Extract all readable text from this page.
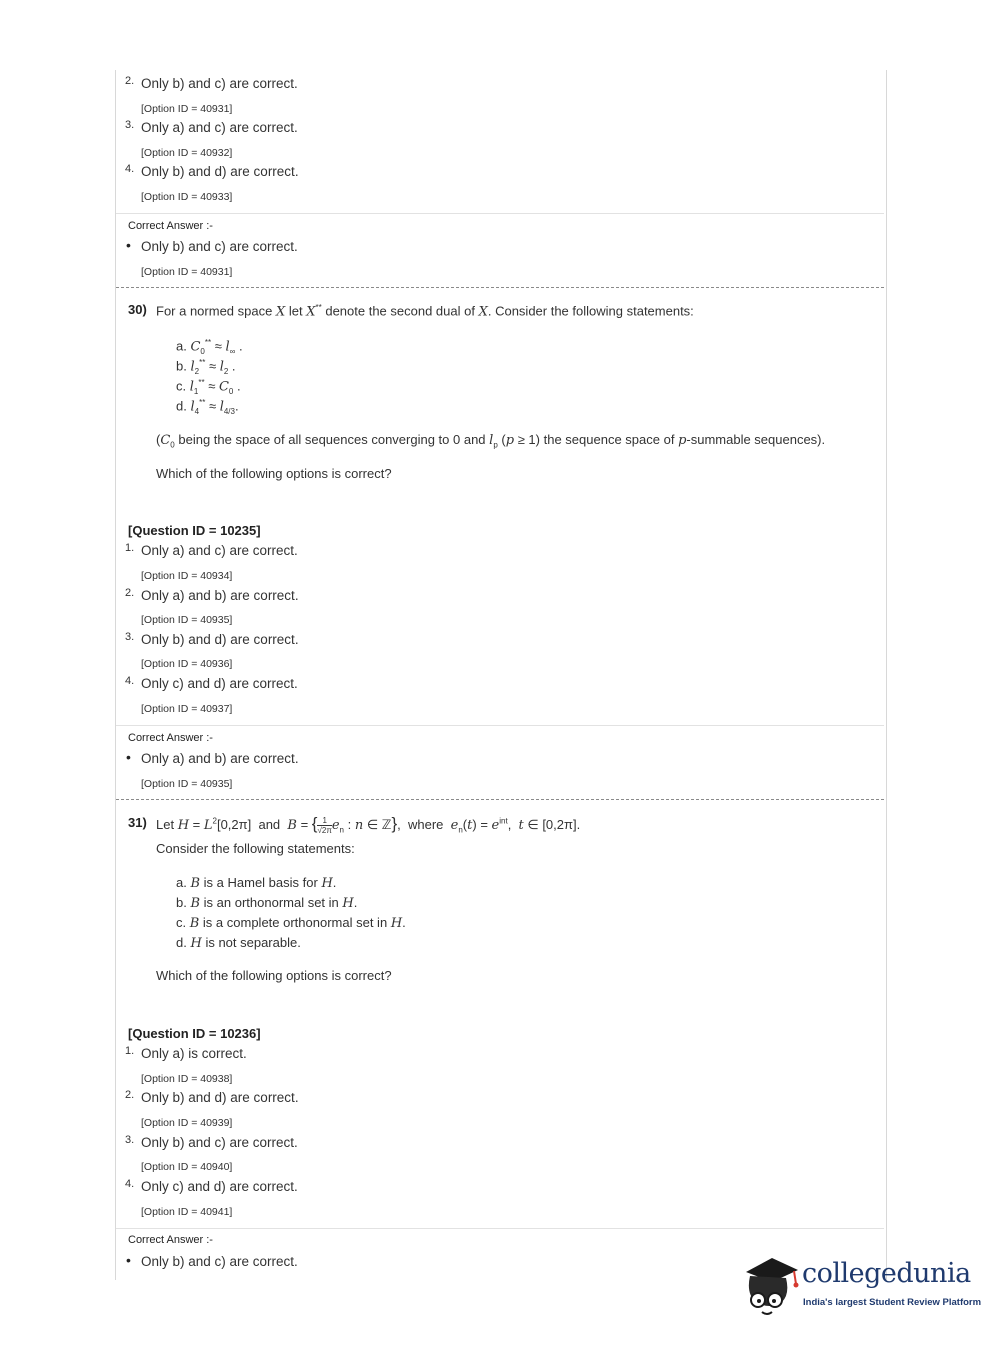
2. Only b) and c) are correct.
[Option ID = 40931]
3. Only a) and c) are correct.
[Option ID = 40932]
4. Only b) and d) are correct.
[Option ID = 40933]
Correct Answer :-
• Only b) and c) are correct.
[Option ID = 40931]
30) For a normed space X let X** denote the second dual of X. Consider the following statements:
a. $C_0^{**} \approx l_\infty$ .
b. $l_2^{**} \approx l_2$ .
c. $l_1^{**} \approx C_0$ .
d. $l_4^{**} \approx l_{4/3}$.
($C_0$ being the space of all sequences converging to 0 and $l_p$ (p ≥ 1) the sequence space of p-summable sequences).
Which of the following options is correct?
[Question ID = 10235]
1. Only a) and c) are correct.
[Option ID = 40934]
2. Only a) and b) are correct.
[Option ID = 40935]
3. Only b) and d) are correct.
[Option ID = 40936]
4. Only c) and d) are correct.
[Option ID = 40937]
Correct Answer :-
• Only a) and b) are correct.
[Option ID = 40935]
31) Let $H = L^2[0,2\pi]$  and B = { $\frac{1}{√2\pi} e_n$ : n ∈ ℤ},  where $e_n(t) = e^{int}$,  t ∈ [0,2π].
Consider the following statements:
a. B is a Hamel basis for H.
b. B is an orthonormal set in H.
c. B is a complete orthonormal set in H.
d. H is not separable.
Which of the following options is correct?
[Question ID = 10236]
1. Only a) is correct.
[Option ID = 40938]
2. Only b) and d) are correct.
[Option ID = 40939]
3. Only b) and c) are correct.
[Option ID = 40940]
4. Only c) and d) are correct.
[Option ID = 40941]
Correct Answer :-
• Only b) and c) are correct.	collegedunia
India's largest Student Review Platform
